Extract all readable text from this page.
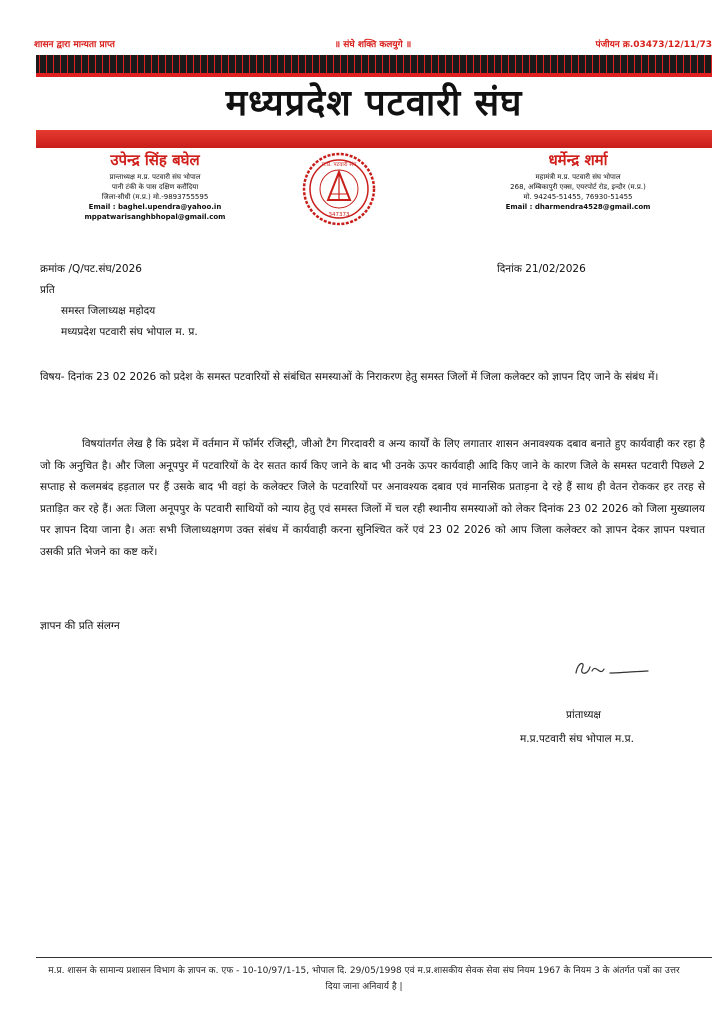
शासन द्वारा मान्यता प्राप्त	॥ संघे शक्ति कलयुगे ॥	पंजीयन क्र.03473/12/11/73
मध्यप्रदेश पटवारी संघ
उपेन्द्र सिंह बघेल
प्रान्ताध्यक्ष म.प्र. पटवारी संघ भोपाल
पानी टंकी के पास दक्षिण करौंदिया
जिला-सीधी (म.प्र.) मो.-9893755595
Email : baghel.upendra@yahoo.in
mppatwarisanghbhopal@gmail.com
म.प्र. पटवारी संघ
347373
धर्मेन्द्र शर्मा
महामंत्री म.प्र. पटवारी संघ भोपाल
268, अम्बिकापुरी एक्स, एयरपोर्ट रोड, इन्दौर (म.प्र.)
मो. 94245-51455, 76930-51455
Email : dharmendra4528@gmail.com
क्रमांक /Q/पट.संघ/2026	दिनांक 21/02/2026
प्रति
समस्त जिलाध्यक्ष महोदय
मध्यप्रदेश पटवारी संघ भोपाल म. प्र.
विषय- दिनांक 23 02 2026 को प्रदेश के समस्त पटवारियों से संबंधित समस्याओं के निराकरण हेतु समस्त जिलों में जिला कलेक्टर को ज्ञापन दिए जाने के संबंध में।
विषयांतर्गत लेख है कि प्रदेश में वर्तमान में फॉर्मर रजिस्ट्री, जीओ टैग गिरदावरी व अन्य कार्यों के लिए लगातार शासन अनावश्यक दबाव बनाते हुए कार्यवाही कर रहा है जो कि अनुचित है। और जिला अनूपपुर में पटवारियों के देर सतत कार्य किए जाने के बाद भी उनके ऊपर कार्यवाही आदि किए जाने के कारण जिले के समस्त पटवारी पिछले 2 सप्ताह से कलमबंद हड़ताल पर हैं उसके बाद भी वहां के कलेक्टर जिले के पटवारियों पर अनावश्यक दबाव एवं मानसिक प्रताड़ना दे रहे हैं साथ ही वेतन रोककर हर तरह से प्रताड़ित कर रहे हैं। अतः जिला अनूपपुर के पटवारी साथियों को न्याय हेतु एवं समस्त जिलों में चल रही स्थानीय समस्याओं को लेकर दिनांक 23 02 2026 को जिला मुख्यालय पर ज्ञापन दिया जाना है। अतः सभी जिलाध्यक्षगण उक्त संबंध में कार्यवाही करना सुनिश्चित करें एवं 23 02 2026 को आप जिला कलेक्टर को ज्ञापन देकर ज्ञापन पश्चात उसकी प्रति भेजने का कष्ट करें।
ज्ञापन की प्रति संलग्न
प्रांताध्यक्ष
म.प्र.पटवारी संघ भोपाल म.प्र.
म.प्र. शासन के सामान्य प्रशासन विभाग के ज्ञापन क. एफ - 10-10/97/1-15, भोपाल दि. 29/05/1998 एवं म.प्र.शासकीय सेवक सेवा संघ नियम 1967 के नियम 3 के अंतर्गत पत्रों का उत्तर दिया जाना अनिवार्य है |
